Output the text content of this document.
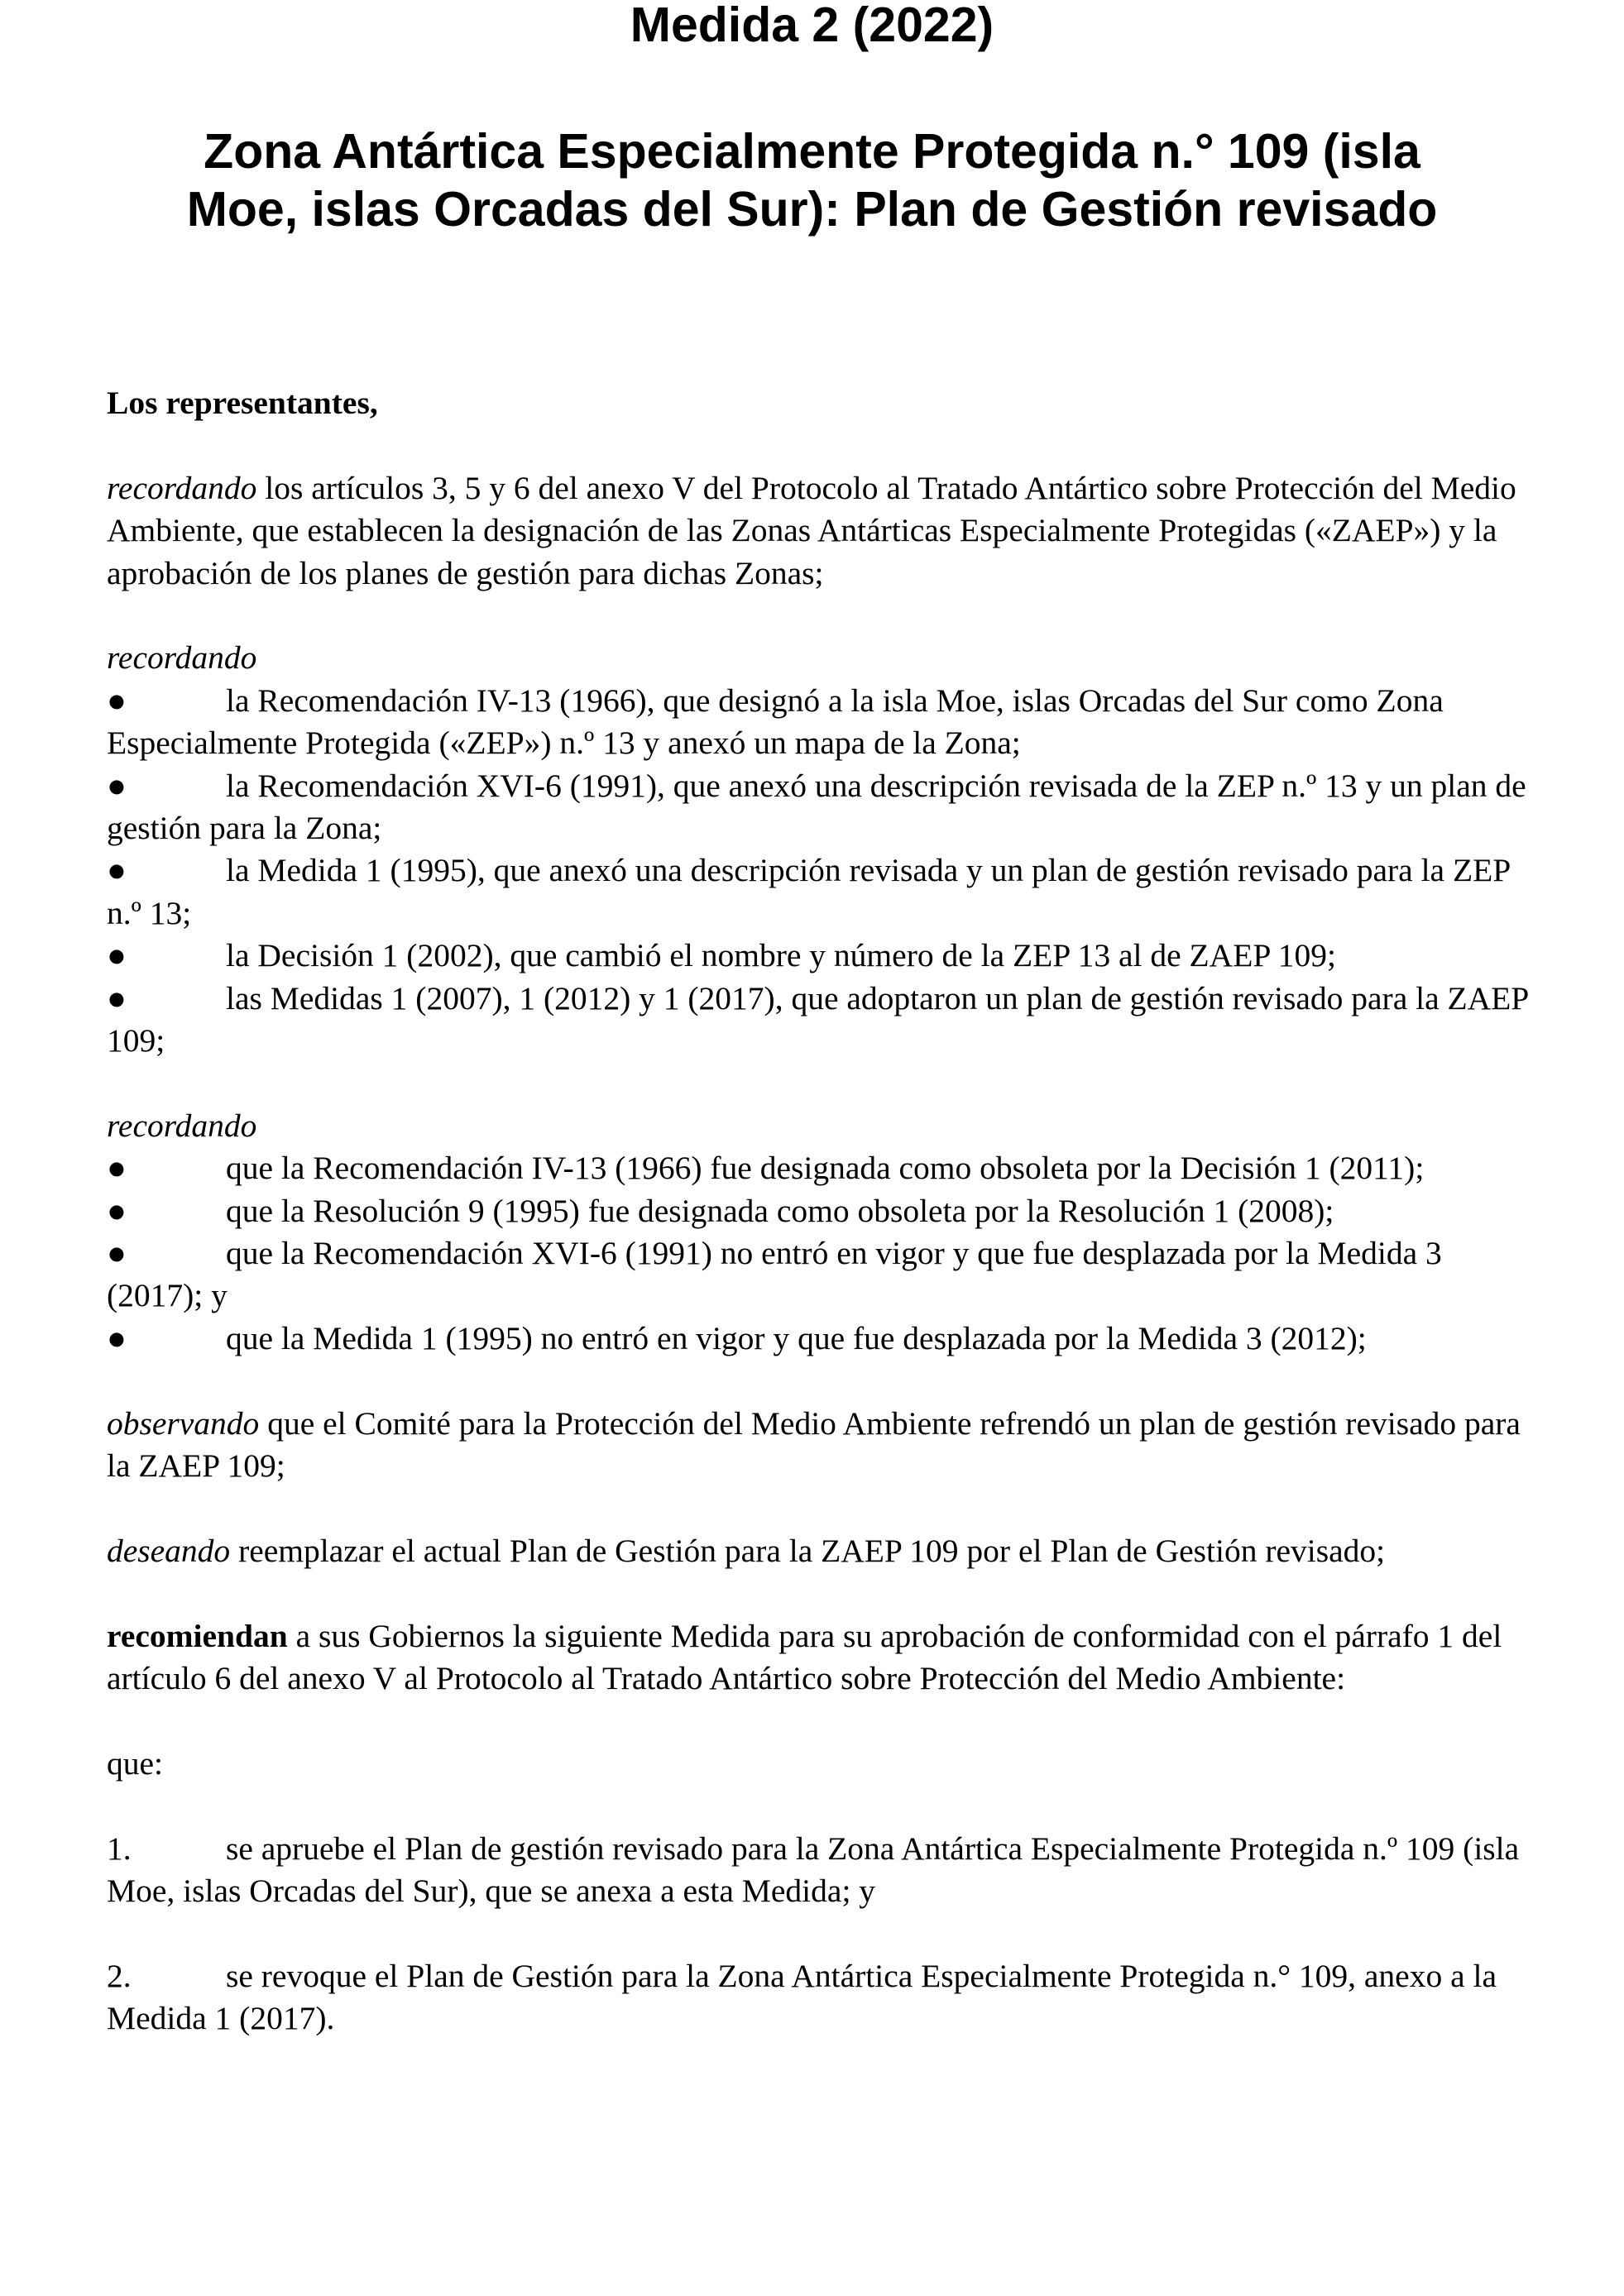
Medida 2 (2022)
Zona Antártica Especialmente Protegida n.° 109 (isla
Moe, islas Orcadas del Sur): Plan de Gestión revisado

Los representantes,

recordando los artículos 3, 5 y 6 del anexo V del Protocolo al Tratado Antártico sobre Protección del Medio Ambiente, que establecen la designación de las Zonas Antárticas Especialmente Protegidas («ZAEP») y la aprobación de los planes de gestión para dichas Zonas;

recordando

●	la Recomendación IV-13 (1966), que designó a la isla Moe, islas Orcadas del Sur como Zona Especialmente Protegida («ZEP») n.º 13 y anexó un mapa de la Zona;

●	la Recomendación XVI-6 (1991), que anexó una descripción revisada de la ZEP n.º 13 y un plan de gestión para la Zona;

●	la Medida 1 (1995), que anexó una descripción revisada y un plan de gestión revisado para la ZEP n.º 13;

●	la Decisión 1 (2002), que cambió el nombre y número de la ZEP 13 al de ZAEP 109;

●	las Medidas 1 (2007), 1 (2012) y 1 (2017), que adoptaron un plan de gestión revisado para la ZAEP 109;

recordando

●	que la Recomendación IV-13 (1966) fue designada como obsoleta por la Decisión 1 (2011);

●	que la Resolución 9 (1995) fue designada como obsoleta por la Resolución 1 (2008);

●	que la Recomendación XVI-6 (1991) no entró en vigor y que fue desplazada por la Medida 3 (2017); y

●	que la Medida 1 (1995) no entró en vigor y que fue desplazada por la Medida 3 (2012);

observando que el Comité para la Protección del Medio Ambiente refrendó un plan de gestión revisado para la ZAEP 109;

deseando reemplazar el actual Plan de Gestión para la ZAEP 109 por el Plan de Gestión revisado;

recomiendan a sus Gobiernos la siguiente Medida para su aprobación de conformidad con el párrafo 1 del artículo 6 del anexo V al Protocolo al Tratado Antártico sobre Protección del Medio Ambiente:

que:

1.	se apruebe el Plan de gestión revisado para la Zona Antártica Especialmente Protegida n.º 109 (isla Moe, islas Orcadas del Sur), que se anexa a esta Medida; y

2.	se revoque el Plan de Gestión para la Zona Antártica Especialmente Protegida n.° 109, anexo a la Medida 1 (2017).
